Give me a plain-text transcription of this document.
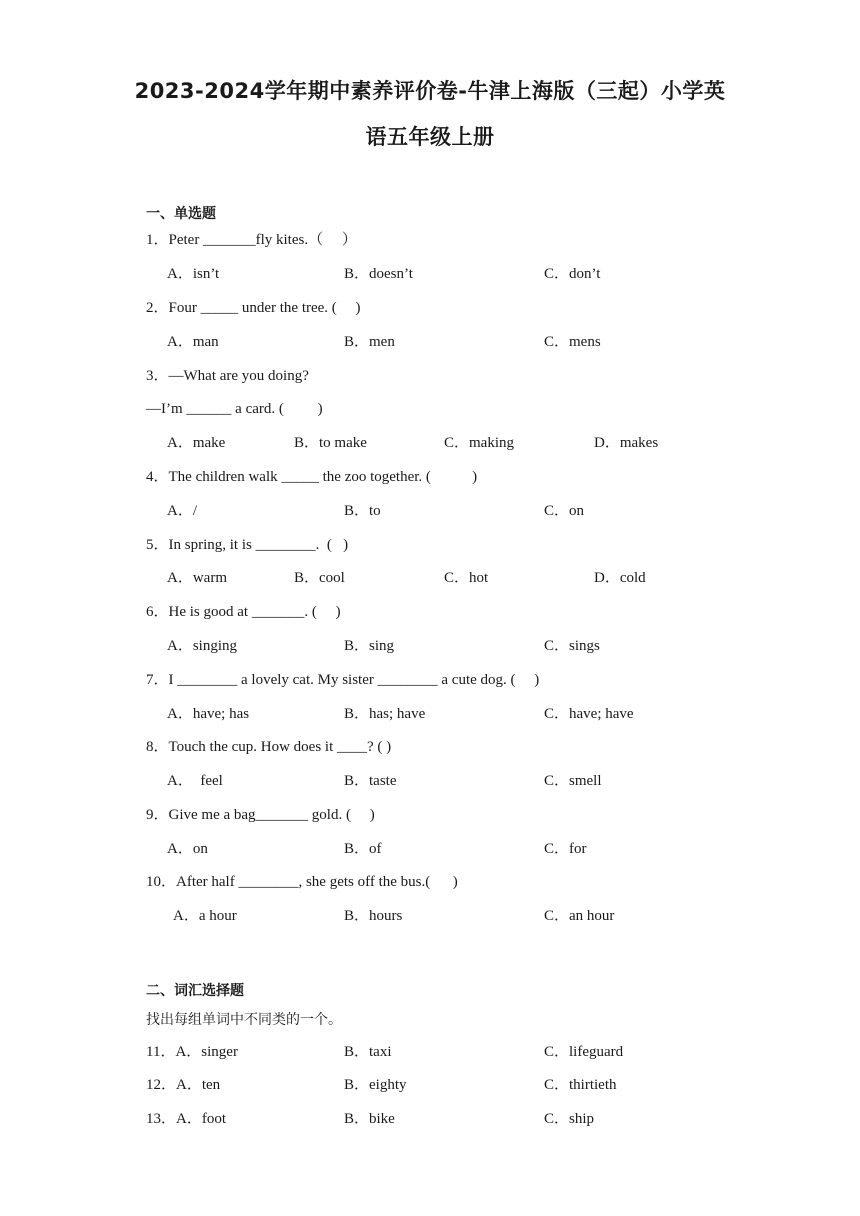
2023-2024学年期中素养评价卷-牛津上海版（三起）小学英
语五年级上册
一、单选题
1．Peter _______fly kites.（     ）
A．isn’t	B．doesn’t	C．don’t
2．Four _____ under the tree. (     )
A．man	B．men	C．mens
3．—What are you doing?
—I’m ______ a card. (         )
A．make	B．to make	C．making	D．makes
4．The children walk _____ the zoo together. (           )
A．/	B．to	C．on
5．In spring, it is ________.  (   )
A．warm	B．cool	C．hot	D．cold
6．He is good at _______. (     )
A．singing	B．sing	C．sings
7．I ________ a lovely cat. My sister ________ a cute dog. (     )
A．have; has	B．has; have	C．have; have
8．Touch the cup. How does it ____? ( )
A．  feel	B．taste	C．smell
9．Give me a bag_______ gold. (     )
A．on	B．of	C．for
10．After half ________, she gets off the bus.(      )
A．a hour	B．hours	C．an hour
二、词汇选择题
找出每组单词中不同类的一个。
11．A．singer	B．taxi	C．lifeguard
12．A．ten	B．eighty	C．thirtieth
13．A．foot	B．bike	C．ship
